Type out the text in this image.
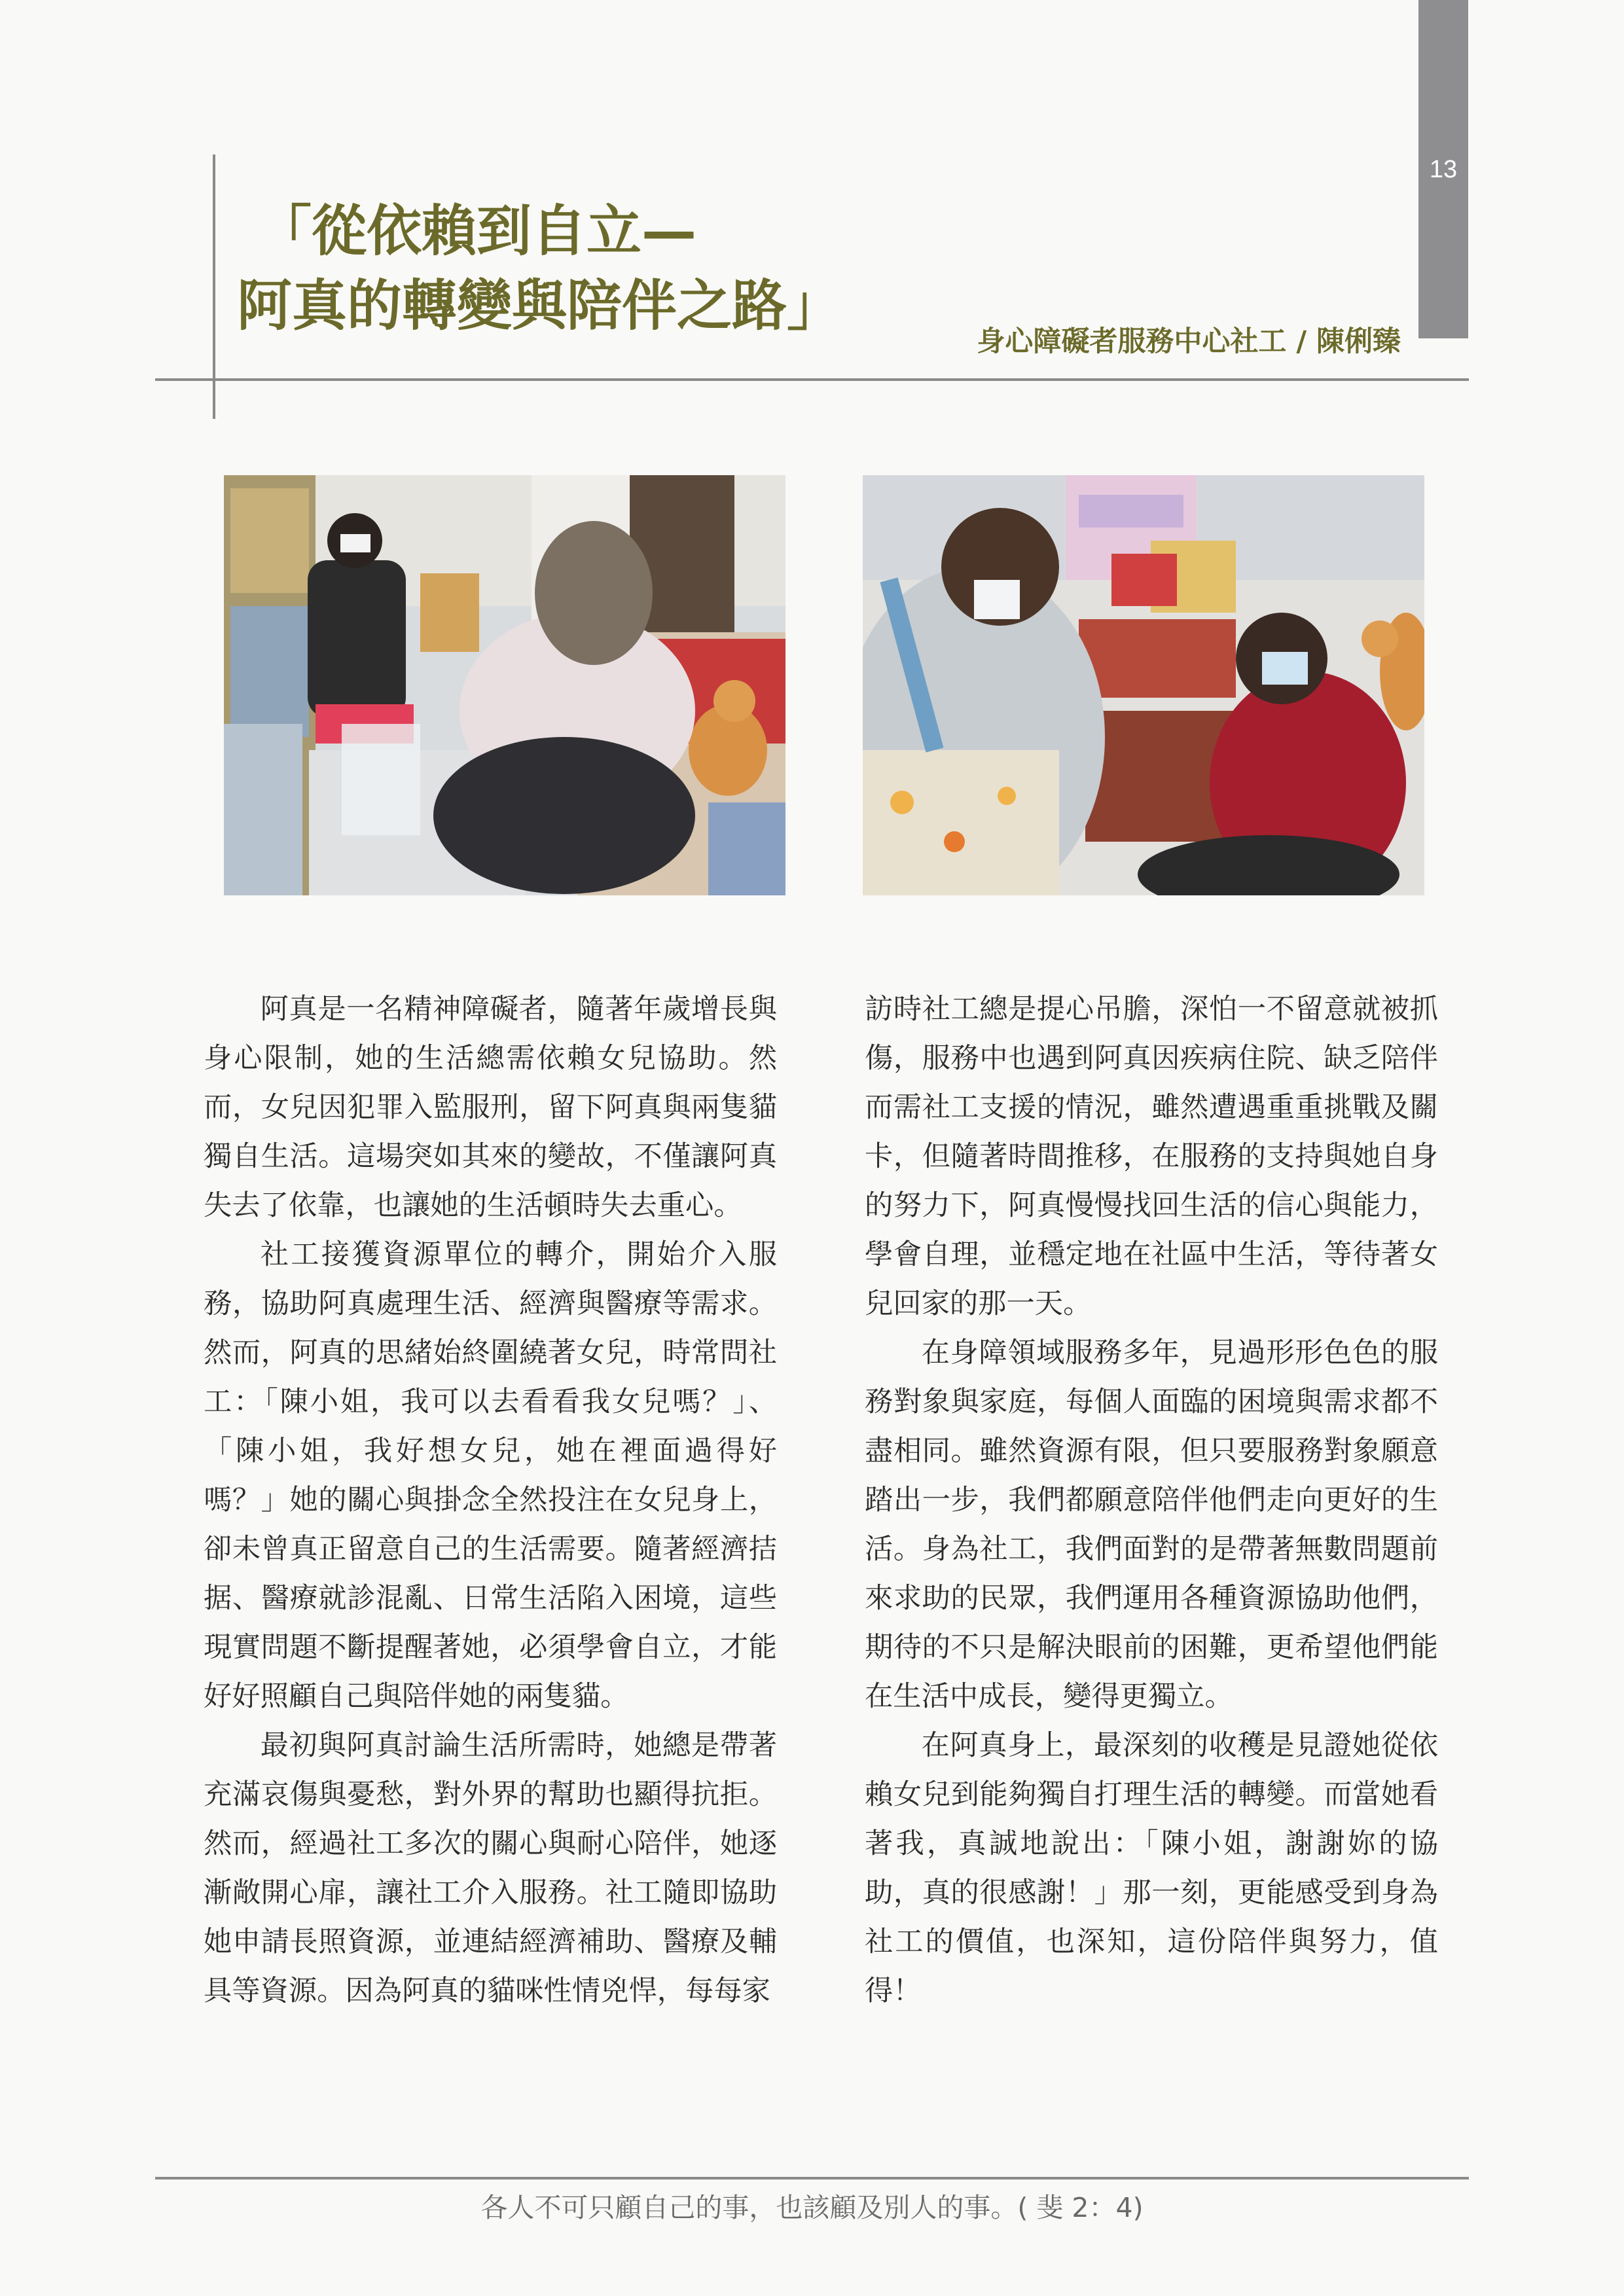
13
「從依賴到自立—
阿真的轉變與陪伴之路」
身心障礙者服務中心社工 / 陳俐臻

阿真是一名精神障礙者，隨著年歲增長與身心限制，她的生活總需依賴女兒協助。然而，女兒因犯罪入監服刑，留下阿真與兩隻貓獨自生活。這場突如其來的變故，不僅讓阿真失去了依靠，也讓她的生活頓時失去重心。

社工接獲資源單位的轉介，開始介入服務，協助阿真處理生活、經濟與醫療等需求。然而，阿真的思緒始終圍繞著女兒，時常問社工：「陳小姐，我可以去看看我女兒嗎？」、「陳小姐，我好想女兒，她在裡面過得好嗎？」她的關心與掛念全然投注在女兒身上，卻未曾真正留意自己的生活需要。隨著經濟拮据、醫療就診混亂、日常生活陷入困境，這些現實問題不斷提醒著她，必須學會自立，才能好好照顧自己與陪伴她的兩隻貓。

最初與阿真討論生活所需時，她總是帶著充滿哀傷與憂愁，對外界的幫助也顯得抗拒。然而，經過社工多次的關心與耐心陪伴，她逐漸敞開心扉，讓社工介入服務。社工隨即協助她申請長照資源，並連結經濟補助、醫療及輔具等資源。因為阿真的貓咪性情兇悍，每每家

訪時社工總是提心吊膽，深怕一不留意就被抓傷，服務中也遇到阿真因疾病住院、缺乏陪伴而需社工支援的情況，雖然遭遇重重挑戰及關卡，但隨著時間推移，在服務的支持與她自身的努力下，阿真慢慢找回生活的信心與能力，學會自理，並穩定地在社區中生活，等待著女兒回家的那一天。

在身障領域服務多年，見過形形色色的服務對象與家庭，每個人面臨的困境與需求都不盡相同。雖然資源有限，但只要服務對象願意踏出一步，我們都願意陪伴他們走向更好的生活。身為社工，我們面對的是帶著無數問題前來求助的民眾，我們運用各種資源協助他們，期待的不只是解決眼前的困難，更希望他們能在生活中成長，變得更獨立。

在阿真身上，最深刻的收穫是見證她從依賴女兒到能夠獨自打理生活的轉變。而當她看著我，真誠地說出：「陳小姐，謝謝妳的協助，真的很感謝！」那一刻，更能感受到身為社工的價值，也深知，這份陪伴與努力，值得！

各人不可只顧自己的事，也該顧及別人的事。( 斐 2：4)
